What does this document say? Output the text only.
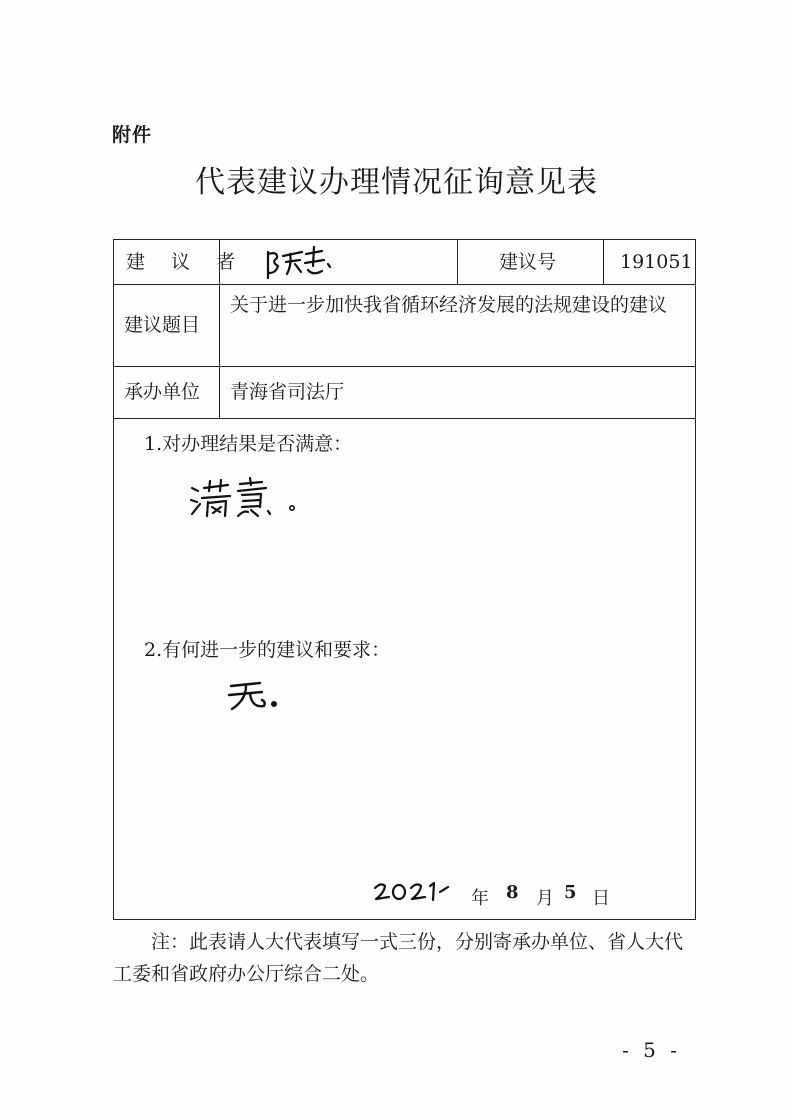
附件
代表建议办理情况征询意见表
建 议 者	建议号	191051
建议题目
关于进一步加快我省循环经济发展的法规建设的建议
承办单位 青海省司法厅
1.对办理结果是否满意：
2.有何进一步的建议和要求：
年 8 月 5 日

注：此表请人大代表填写一式三份，分别寄承办单位、省人大代工委和省政府办公厅综合二处。

- 5 -
